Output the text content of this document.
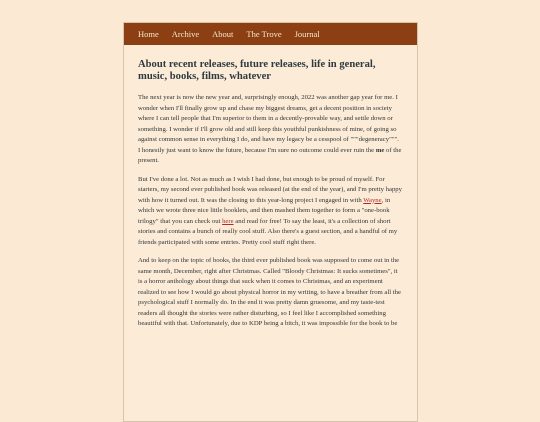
Home Archive About The Trove Journal
About recent releases, future releases, life in general, music, books, films, whatever

The next year is now the new year and, surprisingly enough, 2022 was another gap year for me. I wonder when I'll finally grow up and chase my biggest dreams, get a decent position in society where I can tell people that I'm superior to them in a decently-provable way, and settle down or something. I wonder if I'll grow old and still keep this youthful punkishness of mine, of going so against common sense in everything I do, and have my legacy be a cesspool of """degeneracy""".
I honestly just want to know the future, because I'm sure no outcome could ever ruin the me of the present.

But I've done a lot. Not as much as I wish I had done, but enough to be proud of myself. For starters, my second ever published book was released (at the end of the year), and I'm pretty happy with how it turned out. It was the closing to this year-long project I engaged in with Wayne, in which we wrote three nice little booklets, and then mashed them together to form a "one-book trilogy" that you can check out here and read for free! To say the least, it's a collection of short stories and contains a bunch of really cool stuff. Also there's a guest section, and a handful of my friends participated with some entries. Pretty cool stuff right there.

And to keep on the topic of books, the third ever published book was supposed to come out in the same month, December, right after Christmas. Called "Bloody Christmas: It sucks sometimes", it is a horror anthology about things that suck when it comes to Christmas, and an experiment realized to see how I would go about physical horror in my writing, to have a breather from all the psychological stuff I normally do. In the end it was pretty damn gruesome, and my taste-test readers all thought the stories were rather disturbing, so I feel like I accomplished something beautiful with that. Unfortunately, due to KDP being a bitch, it was impossible for the book to be
